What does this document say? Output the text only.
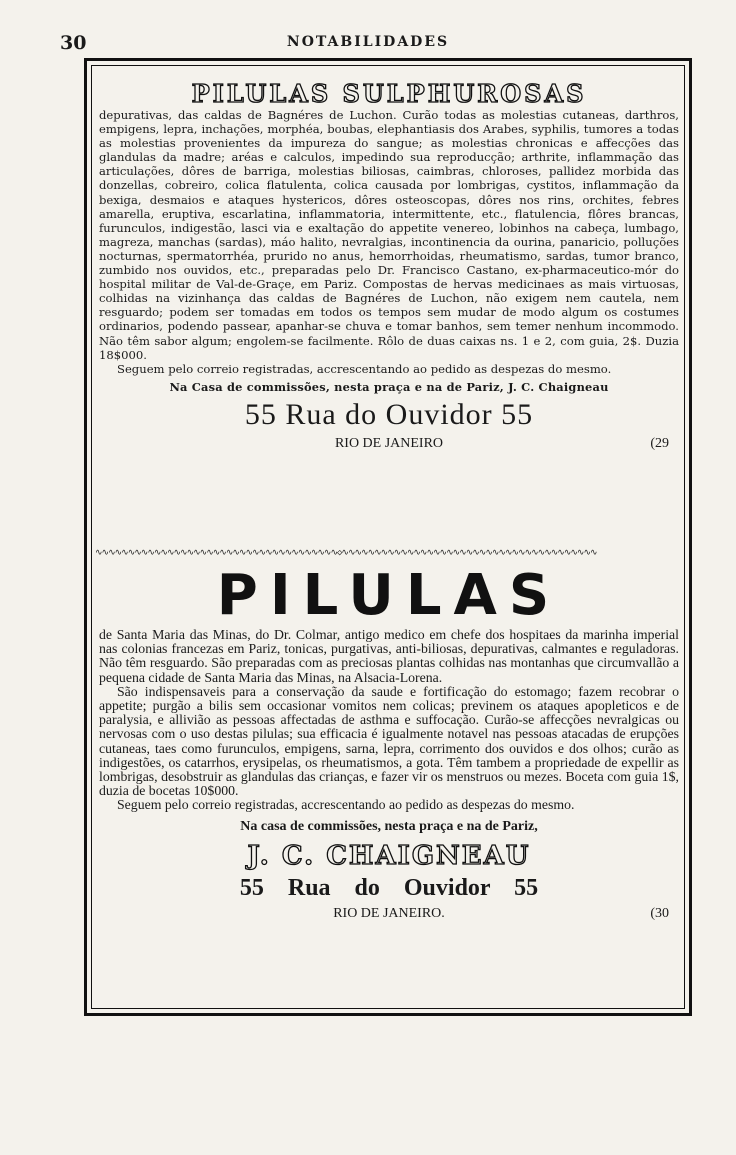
30	NOTABILIDADES
PILULAS SULPHUROSAS

depurativas, das caldas de Bagnéres de Luchon. Curão todas as molestias cutaneas, darthros, empigens, lepra, inchações, morphéa, boubas, elephantiasis dos Arabes, syphilis, tumores a todas as molestias provenientes da impureza do sangue; as molestias chronicas e affecções das glandulas da madre; aréas e calculos, impedindo sua reproducção; arthrite, inflammação das articulações, dôres de barriga, molestias biliosas, caimbras, chloroses, pallidez morbida das donzellas, cobreiro, colica flatulenta, colica causada por lombrigas, cystitos, inflammação da bexiga, desmaios e ataques hystericos, dôres osteoscopas, dôres nos rins, orchites, febres amarella, eruptiva, escarlatina, inflammatoria, intermittente, etc., flatulencia, flôres brancas, furunculos, indigestão, lasci via e exaltação do appetite venereo, lobinhos na cabeça, lumbago, magreza, manchas (sardas), máo halito, nevralgias, incontinencia da ourina, panaricio, polluções nocturnas, spermatorrhéa, prurido no anus, hemorrhoidas, rheumatismo, sardas, tumor branco, zumbido nos ouvidos, etc., preparadas pelo Dr. Francisco Castano, ex-pharmaceutico-mór do hospital militar de Val-de-Graçe, em Pariz. Compostas de hervas medicinaes as mais virtuosas, colhidas na vizinhança das caldas de Bagnéres de Luchon, não exigem nem cautela, nem resguardo; podem ser tomadas em todos os tempos sem mudar de modo algum os costumes ordinarios, podendo passear, apanhar-se chuva e tomar banhos, sem temer nenhum incommodo. Não têm sabor algum; engolem-se facilmente. Rôlo de duas caixas ns. 1 e 2, com guia, 2$. Duzia 18$000.

Seguem pelo correio registradas, accrescentando ao pedido as despezas do mesmo.

Na Casa de commissões, nesta praça e na de Pariz, J. C. Chaigneau
55 Rua do Ouvidor 55
RIO DE JANEIRO	(29
∿∿∿∿∿∿∿∿∿∿∿∿∿∿∿∿∿∿∿∿∿∿∿∿∿∿∿∿∿∿∿∿∿∿∿∿∿◇∿∿∿∿∿∿∿∿∿∿∿∿∿∿∿∿∿∿∿∿∿∿∿∿∿∿∿∿∿∿∿∿∿∿∿∿∿∿∿
PILULAS

de Santa Maria das Minas, do Dr. Colmar, antigo medico em chefe dos hospitaes da marinha imperial nas colonias francezas em Pariz, tonicas, purgativas, anti-biliosas, depurativas, calmantes e reguladoras. Não têm resguardo. São preparadas com as preciosas plantas colhidas nas montanhas que circumvallão a pequena cidade de Santa Maria das Minas, na Alsacia-Lorena.

São indispensaveis para a conservação da saude e fortificação do estomago; fazem recobrar o appetite; purgão a bilis sem occasionar vomitos nem colicas; previnem os ataques apopleticos e de paralysia, e allivião as pessoas affectadas de asthma e suffocação. Curão-se affecções nevralgicas ou nervosas com o uso destas pilulas; sua efficacia é igualmente notavel nas pessoas atacadas de erupções cutaneas, taes como furunculos, empigens, sarna, lepra, corrimento dos ouvidos e dos olhos; curão as indigestões, os catarrhos, erysipelas, os rheumatismos, a gota. Têm tambem a propriedade de expellir as lombrigas, desobstruir as glandulas das crianças, e fazer vir os menstruos ou mezes. Boceta com guia 1$, duzia de bocetas 10$000.

Seguem pelo correio registradas, accrescentando ao pedido as despezas do mesmo.

Na casa de commissões, nesta praça e na de Pariz,
J. C. CHAIGNEAU
55 Rua do Ouvidor 55
RIO DE JANEIRO.	(30
